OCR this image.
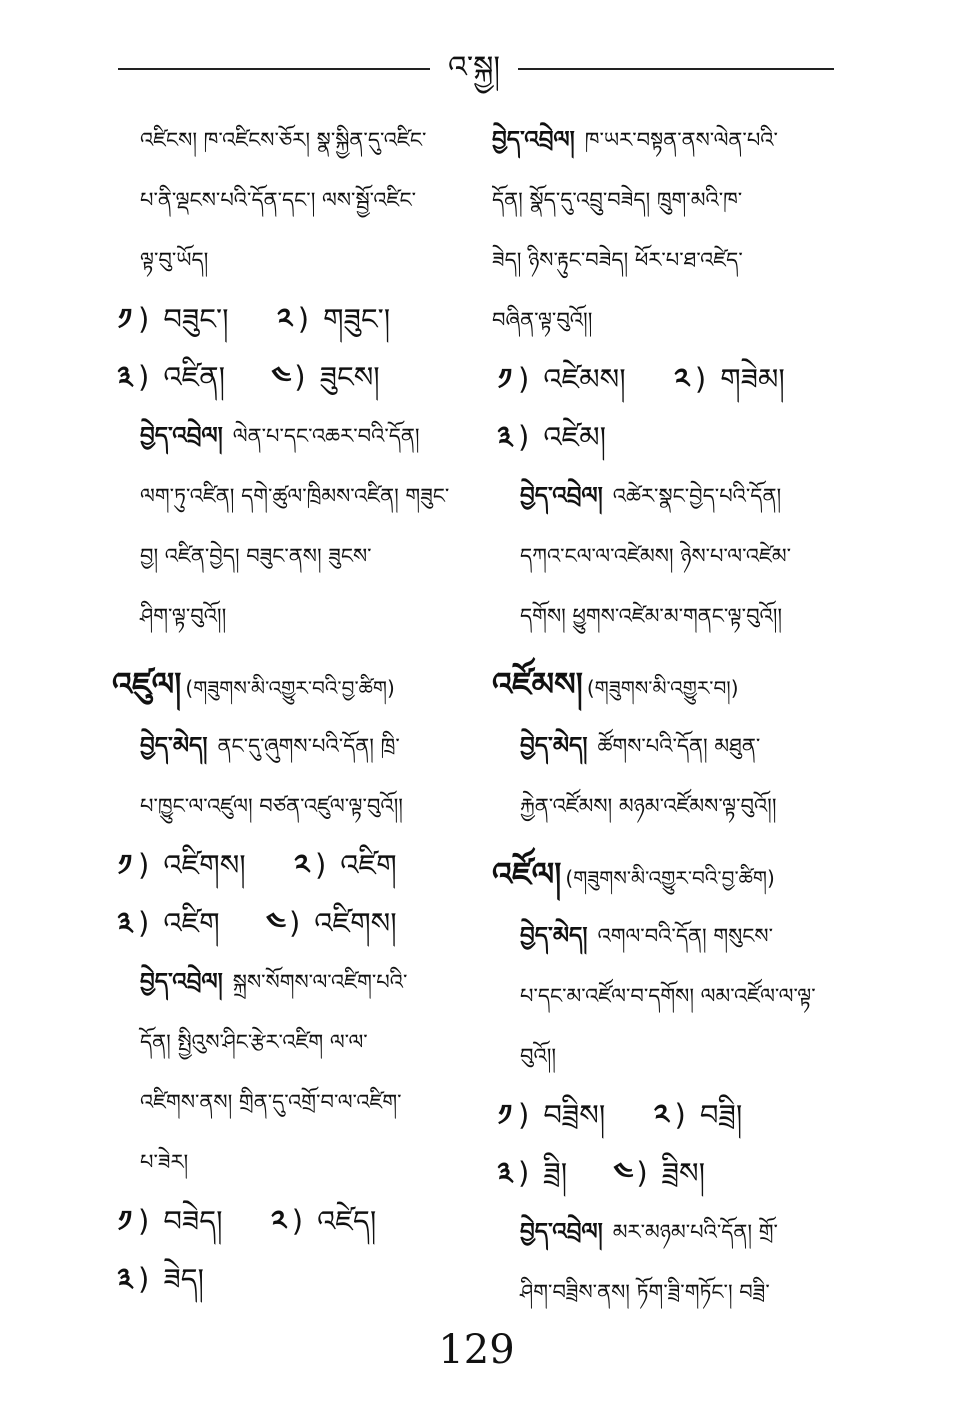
འ་སྐྱ།
འཛིངས། ཁ་འཛིངས་ཅོར། སྣ་སྐྱིན་དུ་འཛིང་
པ་ནི་ལྡངས་པའི་དོན་དང་། ལས་སྦྱོ་འཛིང་
ལྟ་བུ་ཡོད།
༡ ) བཟུང་། ༢ ) གཟུང་།
༣ ) འཛིན། ༤ ) ཟུངས།
བྱེད་འབྲེལ། ལེན་པ་དང་འཆར་བའི་དོན།
ལག་ཏུ་འཛིན། དགེ་ཚུལ་ཁྲིམས་འཛིན། གཟུང་
བྱ། འཛིན་བྱེད། བཟུང་ནས། ཟུངས་
ཤིག་ལྟ་བུའོ།།
འཛུལ། (གཟུགས་མི་འགྱུར་བའི་བྱ་ཚིག)
བྱེད་མེད། ནང་དུ་ཞུགས་པའི་དོན། ཁྲི་
པ་ཁྱུང་ལ་འཛུལ། བཙན་འཛུལ་ལྟ་བུའོ།།
༡ ) འཛིགས། ༢ ) འཛིག
༣ ) འཛིག ༤ ) འཛིགས།
བྱེད་འབྲེལ། སྐྲས་སོགས་ལ་འཛིག་པའི་
དོན། སྤྱིའུས་ཤིང་རྩེར་འཛིག ལ་ལ་
འཛིགས་ནས། གྲིན་དུ་འགྲོ་བ་ལ་འཛིག་
པ་ཟེར།
༡ ) བཟེད། ༢ ) འཛེད།
༣ ) ཟེད།
བྱེད་འབྲེལ། ཁ་ཡར་བསྟན་ནས་ལེན་པའི་
དོན། སྣོད་དུ་འབྲུ་བཟེད། ཁྲུག་མའི་ཁ་
ཟེད། ཉིས་རྟུང་བཟེད། ཕོར་པ་ཐ་འཛེད་
བཞིན་ལྟ་བུའོ།།
༡ ) འཛེམས། ༢ ) གཟེམ།
༣ ) འཛེམ།
བྱེད་འབྲེལ། འཚེར་སྣང་བྱེད་པའི་དོན།
དཀའ་ངལ་ལ་འཛེམས། ཉེས་པ་ལ་འཛེམ་
དགོས། ཕྱུགས་འཛེམ་མ་གནང་ལྟ་བུའོ།།
འཛོམས། (གཟུགས་མི་འགྱུར་བ།)
བྱེད་མེད། ཚོགས་པའི་དོན། མཐུན་
རྐྱེན་འཛོམས། མཉམ་འཛོམས་ལྟ་བུའོ།།
འཛོལ། (གཟུགས་མི་འགྱུར་བའི་བྱ་ཚིག)
བྱེད་མེད། འགལ་བའི་དོན། གསུངས་
པ་དང་མ་འཛོལ་བ་དགོས། ལམ་འཛོལ་ལ་ལྟ་
བུའོ།།
༡ ) བཟྲིས། ༢ ) བཟྲི།
༣ ) ཟྲི། ༤ ) ཟྲིས།
བྱེད་འབྲེལ། མར་མཉམ་པའི་དོན། གྲོ་
ཤིག་བཟྲིས་ནས། ཏོག་ཟྲི་གཏོང་། བཟྲི་
129
